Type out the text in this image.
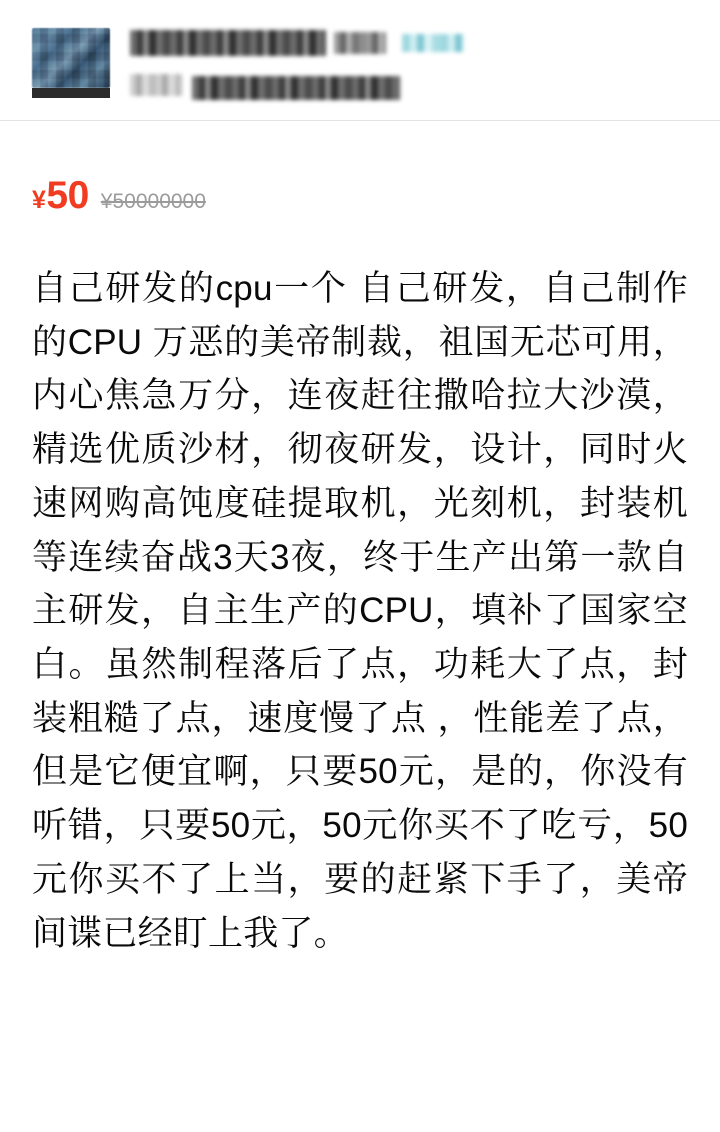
¥50 ¥50000000
自己研发的cpu一个 自己研发，自己制作的CPU 万恶的美帝制裁，祖国无芯可用，内心焦急万分，连夜赶往撒哈拉大沙漠，精选优质沙材，彻夜研发，设计，同时火速网购高饨度硅提取机，光刻机，封装机等连续奋战3天3夜，终于生产出第一款自主研发，自主生产的CPU，填补了国家空白。虽然制程落后了点，功耗大了点，封装粗糙了点，速度慢了点 ，性能差了点，但是它便宜啊，只要50元，是的，你没有听错，只要50元，50元你买不了吃亏，50元你买不了上当，要的赶紧下手了，美帝间谍已经盯上我了。
